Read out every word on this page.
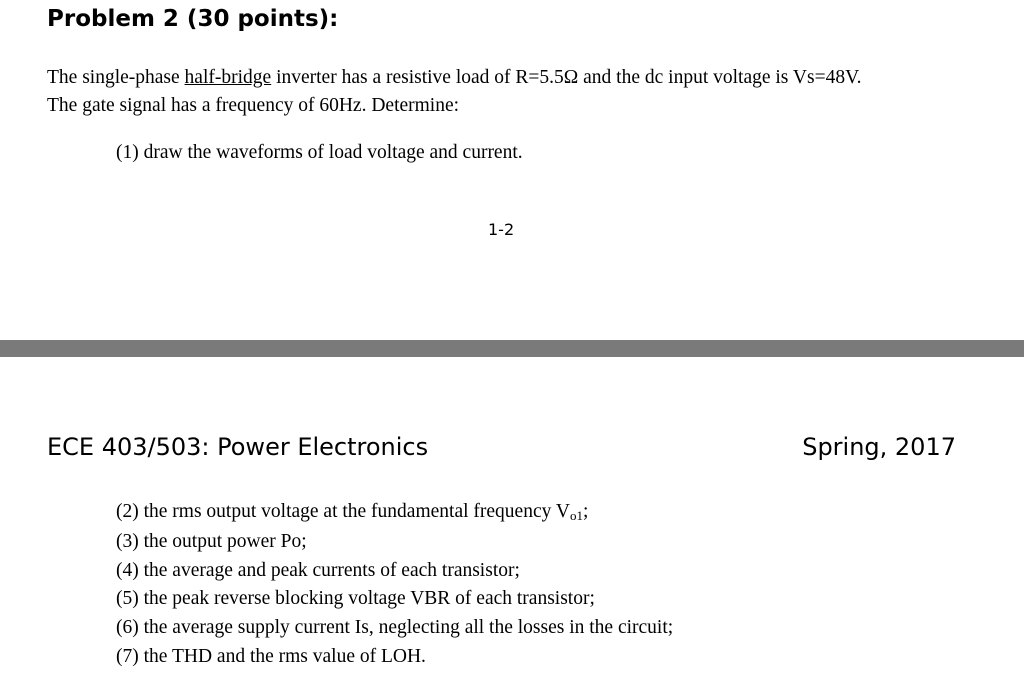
Problem 2 (30 points):
The single-phase half-bridge inverter has a resistive load of R=5.5Ω and the dc input voltage is Vs=48V.
The gate signal has a frequency of 60Hz. Determine:
(1) draw the waveforms of load voltage and current.
1-2
ECE 403/503: Power Electronics	Spring, 2017
(2) the rms output voltage at the fundamental frequency Vo1;
(3) the output power Po;
(4) the average and peak currents of each transistor;
(5) the peak reverse blocking voltage VBR of each transistor;
(6) the average supply current Is, neglecting all the losses in the circuit;
(7) the THD and the rms value of LOH.
